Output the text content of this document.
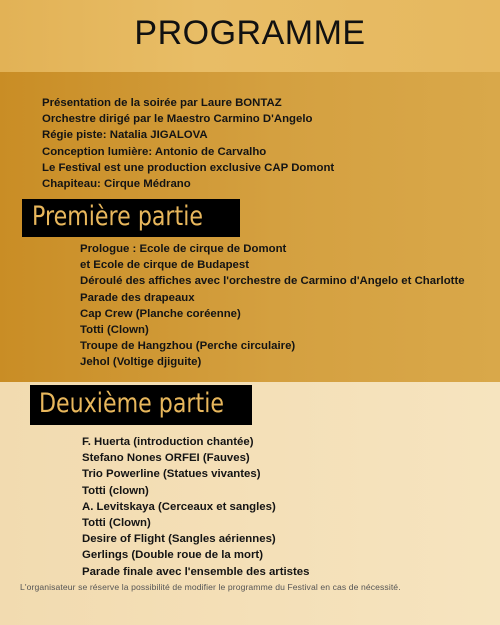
PROGRAMME
Présentation de la soirée par Laure BONTAZ
Orchestre dirigé par le Maestro Carmino D'Angelo
Régie piste: Natalia JIGALOVA
Conception lumière: Antonio de Carvalho
Le Festival est une production exclusive CAP Domont
Chapiteau: Cirque Médrano
Première partie
Prologue : Ecole de cirque de Domont
et Ecole de cirque de Budapest
Déroulé des affiches avec l'orchestre de Carmino d'Angelo et Charlotte
Parade des drapeaux
Cap Crew (Planche coréenne)
Totti (Clown)
Troupe de Hangzhou (Perche circulaire)
Jehol (Voltige djiguite)
Deuxième partie
F. Huerta (introduction chantée)
Stefano Nones ORFEI (Fauves)
Trio Powerline (Statues vivantes)
Totti (clown)
A. Levitskaya (Cerceaux et sangles)
Totti (Clown)
Desire of Flight (Sangles aériennes)
Gerlings (Double roue de la mort)
Parade finale avec l'ensemble des artistes
L'organisateur se réserve la possibilité de modifier le programme du Festival en cas de nécessité.
